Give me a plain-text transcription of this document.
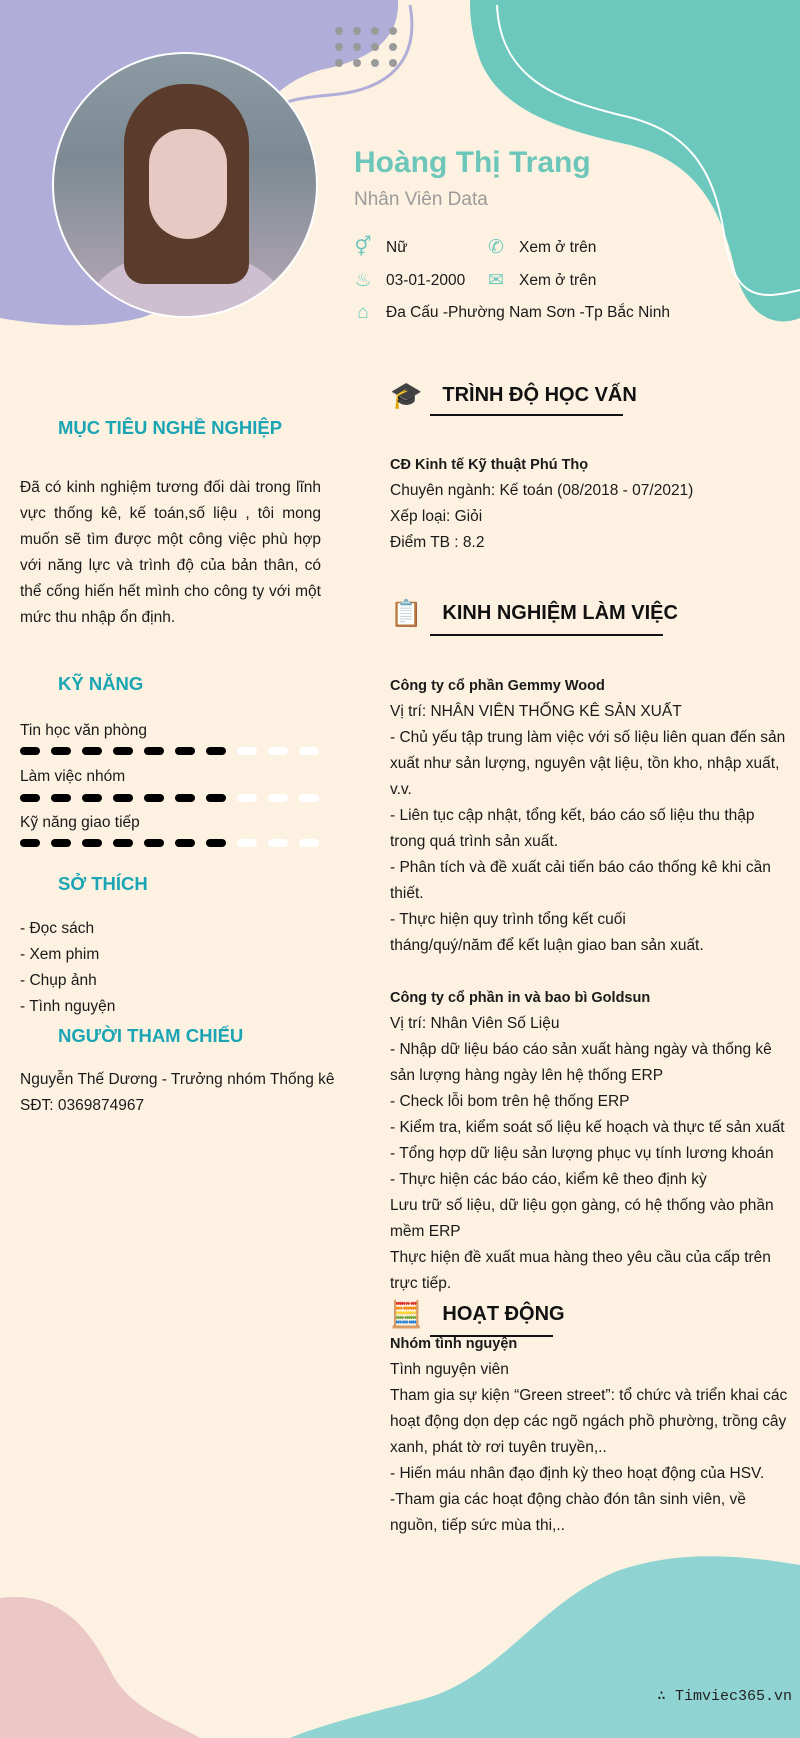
Hoàng Thị Trang
Nhân Viên Data
⚥ Nữ	✆ Xem ở trên
♨ 03-01-2000 ✉ Xem ở trên
⌂	Đa Cấu -Phường Nam Sơn -Tp Bắc Ninh
MỤC TIÊU NGHỀ NGHIỆP
Đã có kinh nghiệm tương đối dài trong lĩnh vực thống kê, kế toán,số liệu , tôi mong muốn sẽ tìm được một công việc phù hợp với năng lực và trình độ của bản thân, có thể cống hiến hết mình cho công ty với một mức thu nhập ổn định.
KỸ NĂNG
Tin học văn phòng
Làm việc nhóm
Kỹ năng giao tiếp
SỞ THÍCH
- Đọc sách
- Xem phim
- Chụp ảnh
- Tình nguyện
NGƯỜI THAM CHIẾU
Nguyễn Thế Dương - Trưởng nhóm Thống kê
SĐT: 0369874967
🎓 TRÌNH ĐỘ HỌC VẤN
CĐ Kinh tế Kỹ thuật Phú Thọ
Chuyên ngành: Kế toán (08/2018 - 07/2021)
Xếp loại: Giỏi
Điểm TB : 8.2
📋 KINH NGHIỆM LÀM VIỆC
Công ty cổ phần Gemmy Wood
Vị trí: NHÂN VIÊN THỐNG KÊ SẢN XUẤT
- Chủ yếu tập trung làm việc với số liệu liên quan đến sản xuất như sản lượng, nguyên vật liệu, tồn kho, nhập xuất, v.v.
- Liên tục cập nhật, tổng kết, báo cáo số liệu thu thập trong quá trình sản xuất.
- Phân tích và đề xuất cải tiến báo cáo thống kê khi cần thiết.
- Thực hiện quy trình tổng kết cuối
tháng/quý/năm để kết luận giao ban sản xuất.
Công ty cổ phần in và bao bì Goldsun
Vị trí: Nhân Viên Số Liệu
- Nhập dữ liệu báo cáo sản xuất hàng ngày và thống kê sản lượng hàng ngày lên hệ thống ERP
- Check lỗi bom trên hệ thống ERP
- Kiểm tra, kiểm soát số liệu kế hoạch và thực tế sản xuất
- Tổng hợp dữ liệu sản lượng phục vụ tính lương khoán
- Thực hiện các báo cáo, kiểm kê theo định kỳ
Lưu trữ số liệu, dữ liệu gọn gàng, có hệ thống vào phần mềm ERP
Thực hiện đề xuất mua hàng theo yêu cầu của cấp trên trực tiếp.
🧮 HOẠT ĐỘNG
Nhóm tình nguyện
Tình nguyện viên
Tham gia sự kiện “Green street”: tổ chức và triển khai các hoạt động dọn dẹp các ngõ ngách phồ phường, trồng cây xanh, phát tờ rơi tuyên truyền,..
- Hiến máu nhân đạo định kỳ theo hoạt động của HSV.
-Tham gia các hoạt động chào đón tân sinh viên, về nguồn, tiếp sức mùa thi,..
∴ Timviec365.vn
